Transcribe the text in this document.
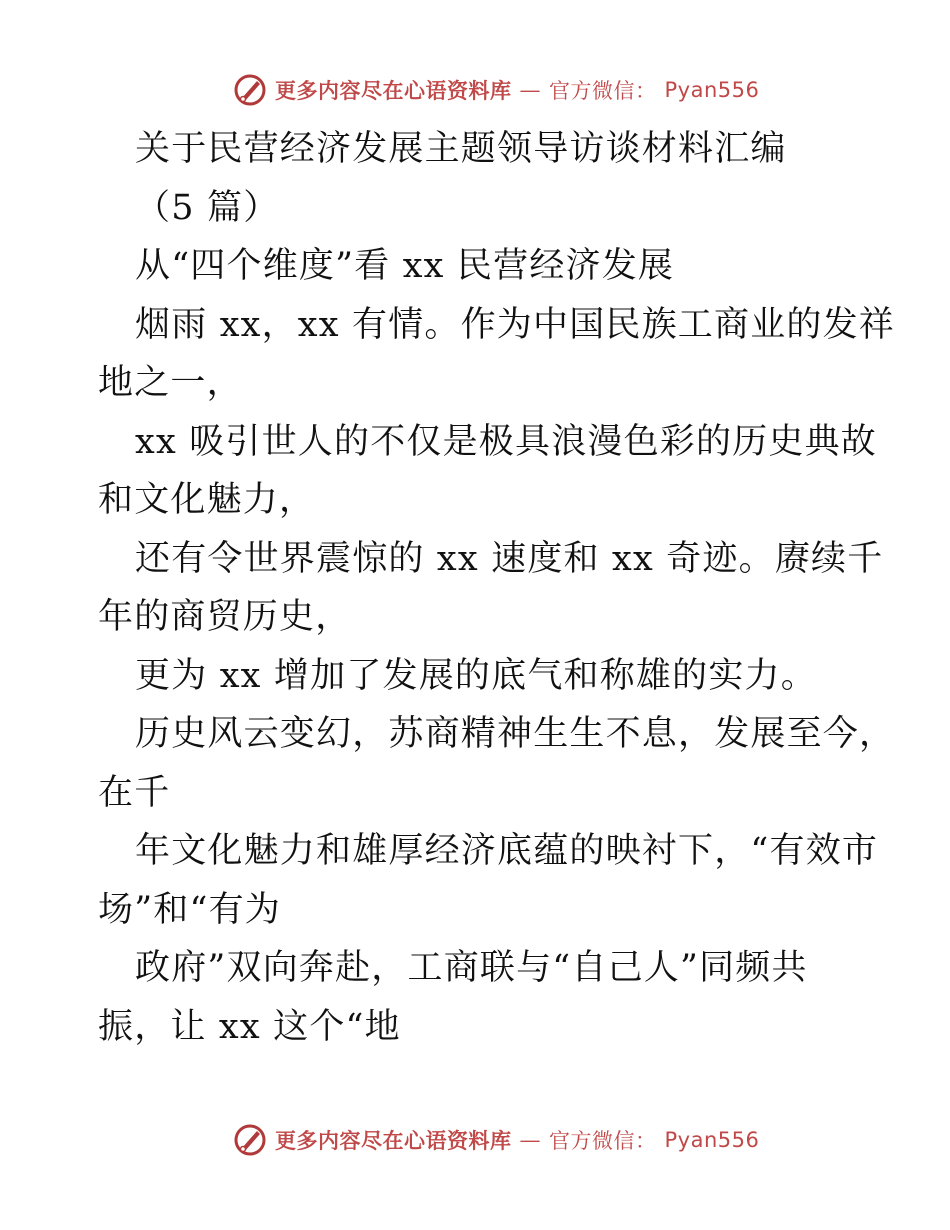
更多内容尽在心语资料库 — 官方微信： Pyan556
关于民营经济发展主题领导访谈材料汇编
（5 篇）
从“四个维度”看 xx 民营经济发展
烟雨 xx，xx 有情。作为中国民族工商业的发祥
地之一，
xx 吸引世人的不仅是极具浪漫色彩的历史典故
和文化魅力，
还有令世界震惊的 xx 速度和 xx 奇迹。赓续千
年的商贸历史，
更为 xx 增加了发展的底气和称雄的实力。
历史风云变幻，苏商精神生生不息，发展至今，
在千
年文化魅力和雄厚经济底蕴的映衬下，“有效市
场”和“有为
政府”双向奔赴，工商联与“自己人”同频共
振，让 xx 这个“地
更多内容尽在心语资料库 — 官方微信： Pyan556
